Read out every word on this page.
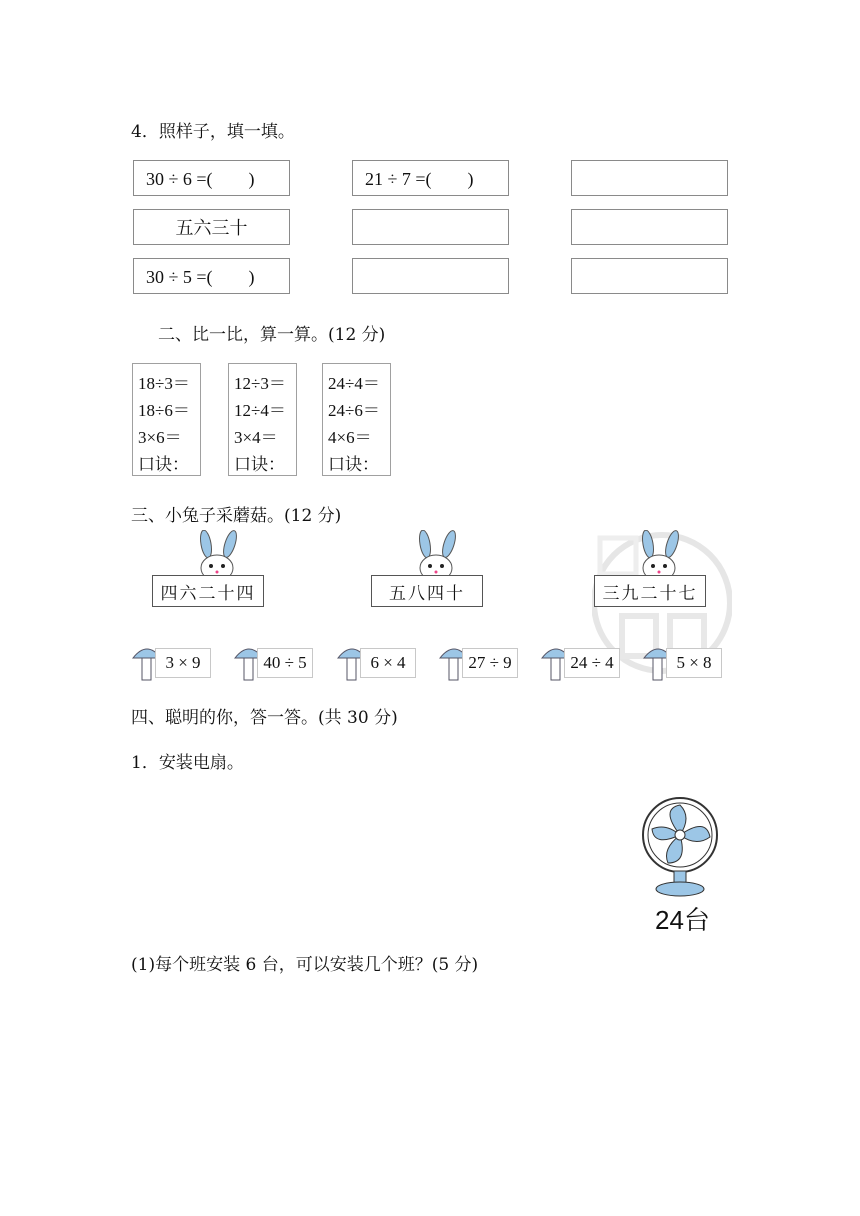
4．照样子，填一填。
30 ÷ 6 =(　　)	21 ÷ 7 =(　　)
五六三十
30 ÷ 5 =(　　)
二、比一比，算一算。(12 分)
18÷3＝
18÷6＝
3×6＝
口诀：
12÷3＝
12÷4＝
3×4＝
口诀：
24÷4＝
24÷6＝
4×6＝
口诀：
三、小兔子采蘑菇。(12 分)
四六二十四	五八四十	三九二十七
3 × 9	40 ÷ 5	6 × 4	27 ÷ 9	24 ÷ 4	5 × 8
四、聪明的你，答一答。(共 30 分)
1．安装电扇。
24台
(1)每个班安装 6 台，可以安装几个班？(5 分)
